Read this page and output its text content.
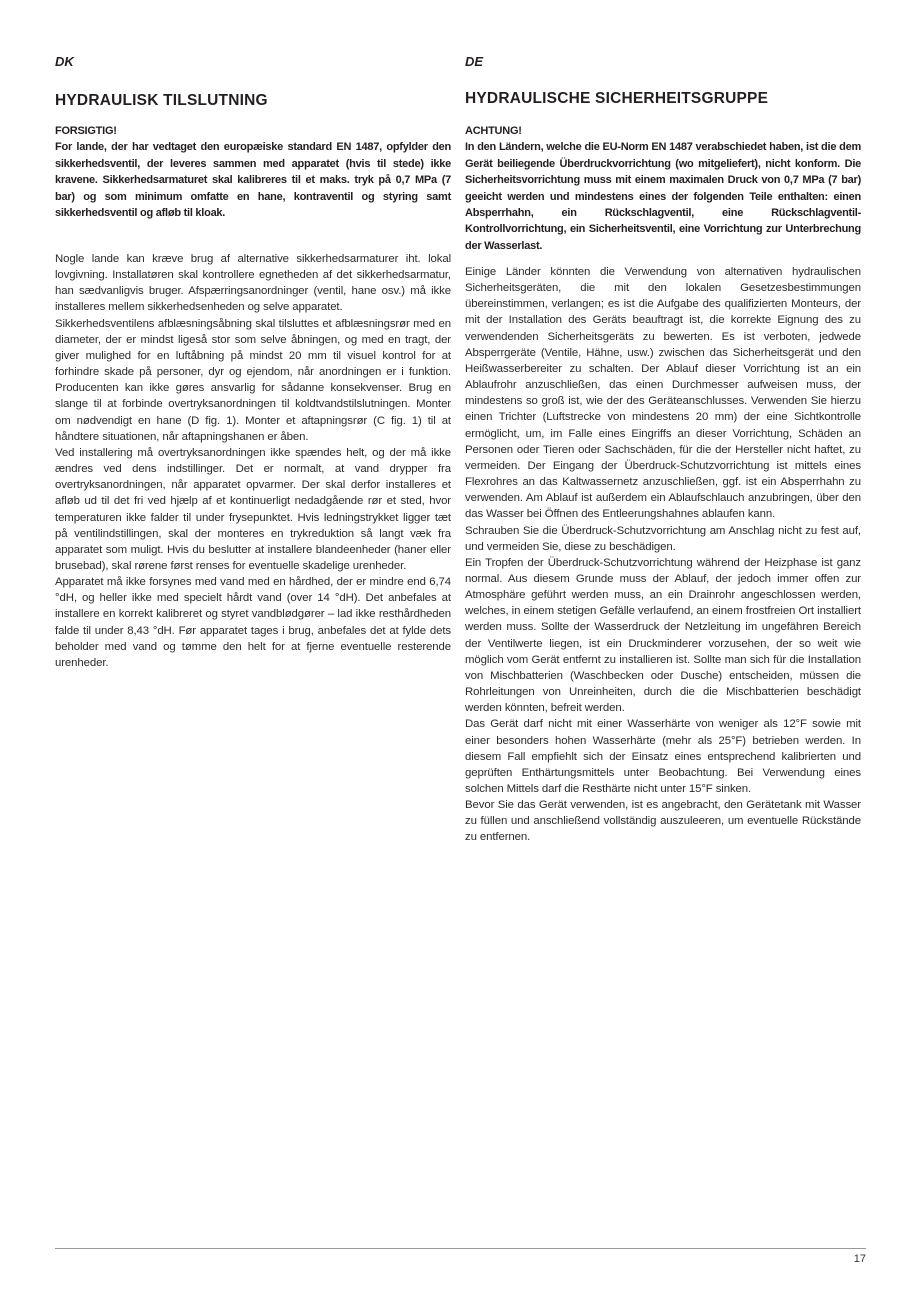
DK
HYDRAULISK TILSLUTNING

FORSIGTIG!

For lande, der har vedtaget den europæiske standard EN 1487, opfylder den sikkerhedsventil, der leveres sammen med apparatet (hvis til stede) ikke kravene. Sikkerhedsarmaturet skal kalibreres til et maks. tryk på 0,7 MPa (7 bar) og som minimum omfatte en hane, kontraventil og styring samt sikkerhedsventil og afløb til kloak.

Nogle lande kan kræve brug af alternative sikkerhedsarmaturer iht. lokal lovgivning. Installatøren skal kontrollere egnetheden af det sikkerhedsarmatur, han sædvanligvis bruger. Afspærringsanordninger (ventil, hane osv.) må ikke installeres mellem sikkerhedsenheden og selve apparatet.

Sikkerhedsventilens afblæsningsåbning skal tilsluttes et afblæsningsrør med en diameter, der er mindst ligeså stor som selve åbningen, og med en tragt, der giver mulighed for en luftåbning på mindst 20 mm til visuel kontrol for at forhindre skade på personer, dyr og ejendom, når anordningen er i funktion. Producenten kan ikke gøres ansvarlig for sådanne konsekvenser. Brug en slange til at forbinde overtryksanordningen til koldtvandstilslutningen. Monter om nødvendigt en hane (D fig. 1). Monter et aftapningsrør (C fig. 1) til at håndtere situationen, når aftapningshanen er åben.

Ved installering må overtryksanordningen ikke spændes helt, og der må ikke ændres ved dens indstillinger. Det er normalt, at vand drypper fra overtryksanordningen, når apparatet opvarmer. Der skal derfor installeres et afløb ud til det fri ved hjælp af et kontinuerligt nedadgående rør et sted, hvor temperaturen ikke falder til under frysepunktet. Hvis ledningstrykket ligger tæt på ventilindstillingen, skal der monteres en trykreduktion så langt væk fra apparatet som muligt. Hvis du beslutter at installere blandeenheder (haner eller brusebad), skal rørene først renses for eventuelle skadelige urenheder.

Apparatet må ikke forsynes med vand med en hårdhed, der er mindre end 6,74 °dH, og heller ikke med specielt hårdt vand (over 14 °dH). Det anbefales at installere en korrekt kalibreret og styret vandblødgører – lad ikke resthårdheden falde til under 8,43 °dH. Før apparatet tages i brug, anbefales det at fylde dets beholder med vand og tømme den helt for at fjerne eventuelle resterende urenheder.

DE
HYDRAULISCHE SICHERHEITSGRUPPE

ACHTUNG!

In den Ländern, welche die EU-Norm EN 1487 verabschiedet haben, ist die dem Gerät beiliegende Überdruckvorrichtung (wo mitgeliefert), nicht konform. Die Sicherheitsvorrichtung muss mit einem maximalen Druck von 0,7 MPa (7 bar) geeicht werden und mindestens eines der folgenden Teile enthalten: einen Absperrhahn, ein Rückschlagventil, eine Rückschlagventil-Kontrollvorrichtung, ein Sicherheitsventil, eine Vorrichtung zur Unterbrechung der Wasserlast.

Einige Länder könnten die Verwendung von alternativen hydraulischen Sicherheitsgeräten, die mit den lokalen Gesetzesbestimmungen übereinstimmen, verlangen; es ist die Aufgabe des qualifizierten Monteurs, der mit der Installation des Geräts beauftragt ist, die korrekte Eignung des zu verwendenden Sicherheitsgeräts zu bewerten. Es ist verboten, jedwede Absperrgeräte (Ventile, Hähne, usw.) zwischen das Sicherheitsgerät und den Heißwasserbereiter zu schalten. Der Ablauf dieser Vorrichtung ist an ein Ablaufrohr anzuschließen, das einen Durchmesser aufweisen muss, der mindestens so groß ist, wie der des Geräteanschlusses. Verwenden Sie hierzu einen Trichter (Luftstrecke von mindestens 20 mm) der eine Sichtkontrolle ermöglicht, um, im Falle eines Eingriffs an dieser Vorrichtung, Schäden an Personen oder Tieren oder Sachschäden, für die der Hersteller nicht haftet, zu vermeiden. Der Eingang der Überdruck-Schutzvorrichtung ist mittels eines Flexrohres an das Kaltwassernetz anzuschließen, ggf. ist ein Absperrhahn zu verwenden. Am Ablauf ist außerdem ein Ablaufschlauch anzubringen, über den das Wasser bei Öffnen des Entleerungshahnes ablaufen kann.

Schrauben Sie die Überdruck-Schutzvorrichtung am Anschlag nicht zu fest auf, und vermeiden Sie, diese zu beschädigen.

Ein Tropfen der Überdruck-Schutzvorrichtung während der Heizphase ist ganz normal. Aus diesem Grunde muss der Ablauf, der jedoch immer offen zur Atmosphäre geführt werden muss, an ein Drainrohr angeschlossen werden, welches, in einem stetigen Gefälle verlaufend, an einem frostfreien Ort installiert werden muss. Sollte der Wasserdruck der Netzleitung im ungefähren Bereich der Ventilwerte liegen, ist ein Druckminderer vorzusehen, der so weit wie möglich vom Gerät entfernt zu installieren ist. Sollte man sich für die Installation von Mischbatterien (Waschbecken oder Dusche) entscheiden, müssen die Rohrleitungen von Unreinheiten, durch die die Mischbatterien beschädigt werden könnten, befreit werden.

Das Gerät darf nicht mit einer Wasserhärte von weniger als 12°F sowie mit einer besonders hohen Wasserhärte (mehr als 25°F) betrieben werden. In diesem Fall empfiehlt sich der Einsatz eines entsprechend kalibrierten und geprüften Enthärtungsmittels unter Beobachtung. Bei Verwendung eines solchen Mittels darf die Resthärte nicht unter 15°F sinken.

Bevor Sie das Gerät verwenden, ist es angebracht, den Gerätetank mit Wasser zu füllen und anschließend vollständig auszuleeren, um eventuelle Rückstände zu entfernen.

17
